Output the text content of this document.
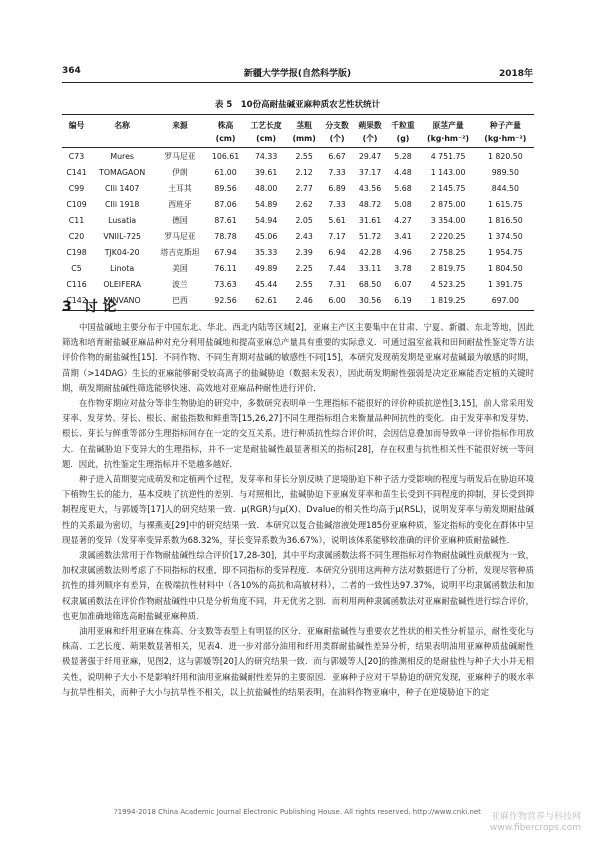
364	新疆大学学报(自然科学版)	2018年
表 5　10份高耐盐碱亚麻种质农艺性状统计
编号	名称	来源	株高	工艺长度	茎粗	分支数	蒴果数	千粒重	原茎产量	种子产量
			(cm)	(cm)	(mm)	(个)	(个)	(g)	(kg·hm⁻²)	(kg·hm⁻²)
C73	Mures	罗马尼亚	106.61	74.33	2.55	6.67	29.47	5.28	4 751.75	1 820.50
C141	TOMAGAON	伊朗	61.00	39.61	2.12	7.33	37.17	4.48	1 143.00	989.50
C99	CIli 1407	土耳其	89.56	48.00	2.77	6.89	43.56	5.68	2 145.75	844.50
C109	CIli 1918	西班牙	87.06	54.89	2.62	7.33	48.72	5.08	2 875.00	1 615.75
C11	Lusatia	德国	87.61	54.94	2.05	5.61	31.61	4.27	3 354.00	1 816.50
C20	VNIIL-725	罗马尼亚	78.78	45.06	2.43	7.17	51.72	3.41	2 220.25	1 374.50
C198	TJK04-20	塔吉克斯坦	67.94	35.33	2.39	6.94	42.28	4.96	2 758.25	1 954.75
C5	Linota	美国	76.11	49.89	2.25	7.44	33.11	3.78	2 819.75	1 804.50
C116	OLEIFERA	波兰	73.63	45.44	2.55	7.31	68.50	6.07	4 523.25	1 391.75
C142	MINVANO	巴西	92.56	62.61	2.46	6.00	30.56	6.19	1 819.25	697.00
3 讨 论

中国盐碱地主要分布于中国东北、华北、西北内陆等区域[2]，亚麻主产区主要集中在甘肃、宁夏、新疆、东北等地，因此筛选和培育耐盐碱亚麻品种对充分利用盐碱地和提高亚麻总产量具有重要的实际意义．可通过温室盆栽和田间耐盐性鉴定等方法评价作物的耐盐碱性[15]．不同作物、不同生育期对盐碱的敏感性不同[15]，本研究发现萌发期是亚麻对盐碱最为敏感的时期，苗期（>14DAG）生长的亚麻能够耐受较高离子的盐碱胁迫（数据未发表），因此萌发期耐性强弱是决定亚麻能否定植的关键时期，萌发期耐盐碱性筛选能够快速、高效地对亚麻品种耐性进行评价．

在作物芽期应对盐分等非生物胁迫的研究中，多数研究表明单一生理指标不能很好的评价种质抗逆性[3,15]，前人常采用发芽率、发芽势、芽长、根长、耐盐指数和鲜重等[15,26,27]不同生理指标组合来衡量品种间抗性的变化．由于发芽率和发芽势、根长、芽长与鲜重等部分生理指标间存在一定的交互关系，进行种质抗性综合评价时，会因信息叠加而导致单一评价指标作用放大．在盐碱胁迫下变异大的生理指标，并不一定是耐盐碱性最显著相关的指标[28]，存在权重与抗性相关性不能很好统一等问题．因此，抗性鉴定生理指标并不是越多越好．

种子进入苗期要完成萌发和定植两个过程，发芽率和芽长分别反映了逆境胁迫下种子活力受影响的程度与萌发后在胁迫环境下植物生长的能力，基本反映了抗逆性的差别．与对照相比，盐碱胁迫下亚麻发芽率和苗生长受到不同程度的抑制，芽长受到抑制程度更大，与郭媛等[17]人的研究结果一致．μ(RGR)与μ(X)、Dvalue的相关性均高于μ(RSL)，说明发芽率与萌发期耐盐碱性的关系最为密切，与裸燕麦[29]中的研究结果一致．本研究以复合盐碱溶液处理185份亚麻种质，鉴定指标的变化在群体中呈现显著的变异（发芽率变异系数为68.32%，芽长变异系数为36.67%），说明该体系能够较准确的评价亚麻种质耐盐碱性．

隶属函数法常用于作物耐盐碱性综合评价[17,28-30]，其中平均隶属函数法将不同生理指标对作物耐盐碱性贡献视为一致，加权隶属函数法则考虑了不同指标的权重，即不同指标的变异程度．本研究分别用这两种方法对数据进行了分析，发现尽管种质抗性的排列顺序有差异，在极端抗性材料中（各10%的高抗和高敏材料），二者的一致性达97.37%，说明平均隶属函数法和加权隶属函数法在评价作物耐盐碱性中只是分析角度不同，并无优劣之别．而利用两种隶属函数法对亚麻耐盐碱性进行综合评价，也更加准确地筛选高耐盐碱亚麻种质．

油用亚麻和纤用亚麻在株高、分支数等表型上有明显的区分．亚麻耐盐碱性与重要农艺性状的相关性分析显示，耐性变化与株高、工艺长度、蒴果数显著相关，见表4．进一步对部分油用和纤用类群耐盐碱性差异分析，结果表明油用亚麻种质盐碱耐性极显著强于纤用亚麻，见图2，这与郭媛等[20]人的研究结果一致．而与郭媛等人[20]的推测相反的是耐盐性与种子大小并无相关性，说明种子大小不是影响纤用和油用亚麻盐碱耐性差异的主要原因．亚麻种子应对干旱胁迫的研究发现，亚麻种子的吸水率与抗旱性相关，而种子大小与抗旱性不相关，以上抗盐碱性的结果表明，在油料作物亚麻中，种子在逆境胁迫下的定

?1994-2018 China Academic Journal Electronic Publishing House. All rights reserved. http://www.cnki.net	亚麻作物营养与科技网
www.fibercrops.com
